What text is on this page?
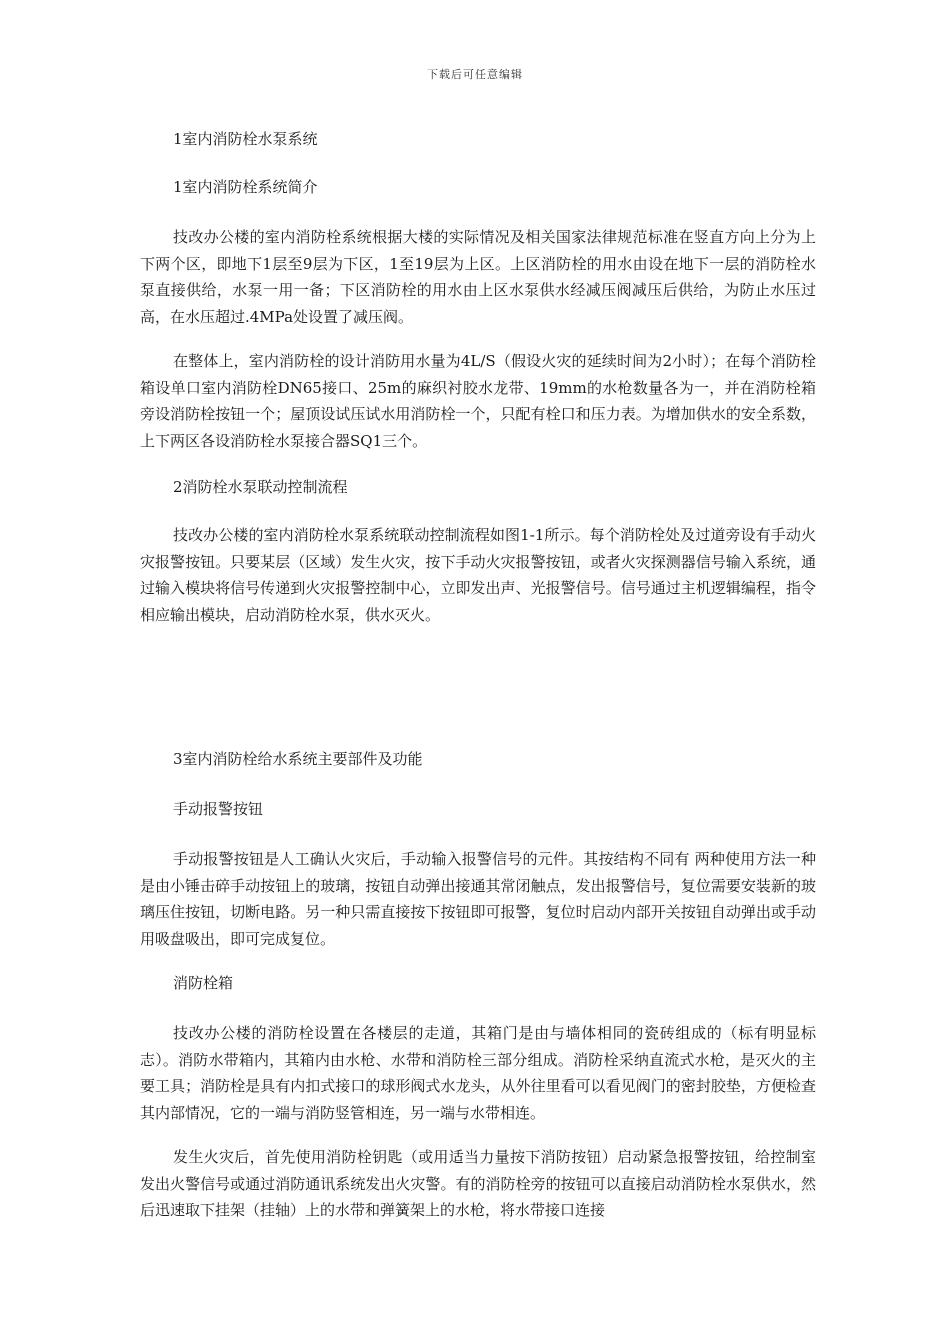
下载后可任意编辑

1室内消防栓水泵系统

1室内消防栓系统简介

技改办公楼的室内消防栓系统根据大楼的实际情况及相关国家法律规范标准在竖直方向上分为上下两个区，即地下1层至9层为下区，1至19层为上区。上区消防栓的用水由设在地下一层的消防栓水泵直接供给，水泵一用一备；下区消防栓的用水由上区水泵供水经减压阀减压后供给，为防止水压过高，在水压超过.4MPa处设置了减压阀。

在整体上，室内消防栓的设计消防用水量为4L/S（假设火灾的延续时间为2小时）；在每个消防栓箱设单口室内消防栓DN65接口、25m的麻织衬胶水龙带、19mm的水枪数量各为一，并在消防栓箱旁设消防栓按钮一个；屋顶设试压试水用消防栓一个，只配有栓口和压力表。为增加供水的安全系数，上下两区各设消防栓水泵接合器SQ1三个。

2消防栓水泵联动控制流程

技改办公楼的室内消防栓水泵系统联动控制流程如图1-1所示。每个消防栓处及过道旁设有手动火灾报警按钮。只要某层（区域）发生火灾，按下手动火灾报警按钮，或者火灾探测器信号输入系统，通过输入模块将信号传递到火灾报警控制中心，立即发出声、光报警信号。信号通过主机逻辑编程，指令相应输出模块，启动消防栓水泵，供水灭火。

3室内消防栓给水系统主要部件及功能

手动报警按钮

手动报警按钮是人工确认火灾后，手动输入报警信号的元件。其按结构不同有 两种使用方法一种是由小锤击碎手动按钮上的玻璃，按钮自动弹出接通其常闭触点，发出报警信号，复位需要安装新的玻璃压住按钮，切断电路。另一种只需直接按下按钮即可报警，复位时启动内部开关按钮自动弹出或手动用吸盘吸出，即可完成复位。

消防栓箱

技改办公楼的消防栓设置在各楼层的走道，其箱门是由与墙体相同的瓷砖组成的（标有明显标志）。消防水带箱内，其箱内由水枪、水带和消防栓三部分组成。消防栓采纳直流式水枪，是灭火的主要工具；消防栓是具有内扣式接口的球形阀式水龙头，从外往里看可以看见阀门的密封胶垫，方便检查其内部情况，它的一端与消防竖管相连，另一端与水带相连。

发生火灾后，首先使用消防栓钥匙（或用适当力量按下消防按钮）启动紧急报警按钮，给控制室发出火警信号或通过消防通讯系统发出火灾警。有的消防栓旁的按钮可以直接启动消防栓水泵供水，然后迅速取下挂架（挂轴）上的水带和弹簧架上的水枪，将水带接口连接
